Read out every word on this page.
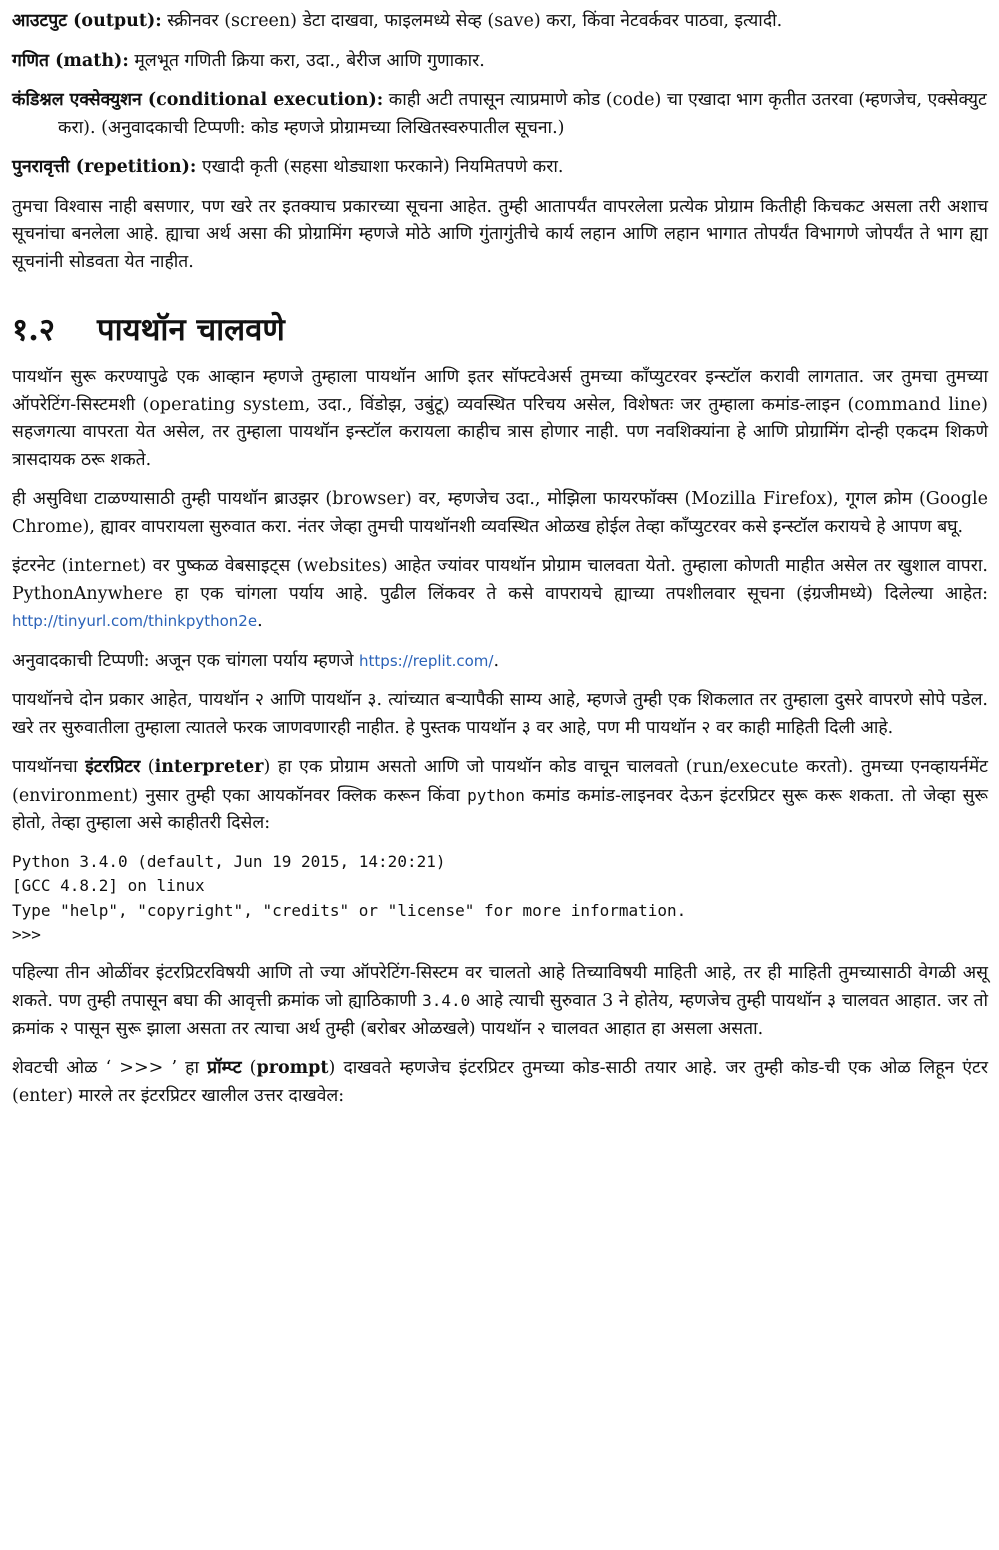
आउटपुट (output): स्क्रीनवर (screen) डेटा दाखवा, फाइलमध्ये सेव्ह (save) करा, किंवा नेटवर्कवर पाठवा, इत्यादी.
गणित (math): मूलभूत गणिती क्रिया करा, उदा., बेरीज आणि गुणाकार.
कंडिश्नल एक्सेक्युशन (conditional execution): काही अटी तपासून त्याप्रमाणे कोड (code) चा एखादा भाग कृतीत उतरवा (म्हणजेच, एक्सेक्युट करा). (अनुवादकाची टिप्पणी: कोड म्हणजे प्रोग्रामच्या लिखितस्वरुपातील सूचना.)
पुनरावृत्ती (repetition): एखादी कृती (सहसा थोड्याशा फरकाने) नियमितपणे करा.

तुमचा विश्वास नाही बसणार, पण खरे तर इतक्याच प्रकारच्या सूचना आहेत. तुम्ही आतापर्यंत वापरलेला प्रत्येक प्रोग्राम कितीही किचकट असला तरी अशाच सूचनांचा बनलेला आहे. ह्याचा अर्थ असा की प्रोग्रामिंग म्हणजे मोठे आणि गुंतागुंतीचे कार्य लहान आणि लहान भागात तोपर्यंत विभागणे जोपर्यंत ते भाग ह्या सूचनांनी सोडवता येत नाहीत.

१.२ पायथॉन चालवणे

पायथॉन सुरू करण्यापुढे एक आव्हान म्हणजे तुम्हाला पायथॉन आणि इतर सॉफ्टवेअर्स तुमच्या कॉंप्युटरवर इन्स्टॉल करावी लागतात. जर तुमचा तुमच्या ऑपरेटिंग-सिस्टमशी (operating system, उदा., विंडोझ, उबुंटू) व्यवस्थित परिचय असेल, विशेषतः जर तुम्हाला कमांड-लाइन (command line) सहजगत्या वापरता येत असेल, तर तुम्हाला पायथॉन इन्स्टॉल करायला काहीच त्रास होणार नाही. पण नवशिक्यांना हे आणि प्रोग्रामिंग दोन्ही एकदम शिकणे त्रासदायक ठरू शकते.

ही असुविधा टाळण्यासाठी तुम्ही पायथॉन ब्राउझर (browser) वर, म्हणजेच उदा., मोझिला फायरफॉक्स (Mozilla Firefox), गूगल क्रोम (Google Chrome), ह्यावर वापरायला सुरुवात करा. नंतर जेव्हा तुमची पायथॉनशी व्यवस्थित ओळख होईल तेव्हा कॉंप्युटरवर कसे इन्स्टॉल करायचे हे आपण बघू.

इंटरनेट (internet) वर पुष्कळ वेबसाइट्स (websites) आहेत ज्यांवर पायथॉन प्रोग्राम चालवता येतो. तुम्हाला कोणती माहीत असेल तर खुशाल वापरा. PythonAnywhere हा एक चांगला पर्याय आहे. पुढील लिंकवर ते कसे वापरायचे ह्याच्या तपशीलवार सूचना (इंग्रजीमध्ये) दिलेल्या आहेत: http://tinyurl.com/thinkpython2e.

अनुवादकाची टिप्पणी: अजून एक चांगला पर्याय म्हणजे https://replit.com/.

पायथॉनचे दोन प्रकार आहेत, पायथॉन २ आणि पायथॉन ३. त्यांच्यात बऱ्यापैकी साम्य आहे, म्हणजे तुम्ही एक शिकलात तर तुम्हाला दुसरे वापरणे सोपे पडेल. खरे तर सुरुवातीला तुम्हाला त्यातले फरक जाणवणारही नाहीत. हे पुस्तक पायथॉन ३ वर आहे, पण मी पायथॉन २ वर काही माहिती दिली आहे.

पायथॉनचा इंटरप्रिटर (interpreter) हा एक प्रोग्राम असतो आणि जो पायथॉन कोड वाचून चालवतो (run/execute करतो). तुमच्या एनव्हायर्नमेंट (environment) नुसार तुम्ही एका आयकॉनवर क्लिक करून किंवा python कमांड कमांड-लाइनवर देऊन इंटरप्रिटर सुरू करू शकता. तो जेव्हा सुरू होतो, तेव्हा तुम्हाला असे काहीतरी दिसेल:

Python 3.4.0 (default, Jun 19 2015, 14:20:21)
[GCC 4.8.2] on linux
Type "help", "copyright", "credits" or "license" for more information.
>>>

पहिल्या तीन ओळींवर इंटरप्रिटरविषयी आणि तो ज्या ऑपरेटिंग-सिस्टम वर चालतो आहे तिच्याविषयी माहिती आहे, तर ही माहिती तुमच्यासाठी वेगळी असू शकते. पण तुम्ही तपासून बघा की आवृत्ती क्रमांक जो ह्याठिकाणी 3.4.0 आहे त्याची सुरुवात 3 ने होतेय, म्हणजेच तुम्ही पायथॉन ३ चालवत आहात. जर तो क्रमांक २ पासून सुरू झाला असता तर त्याचा अर्थ तुम्ही (बरोबर ओळखले) पायथॉन २ चालवत आहात हा असला असता.

शेवटची ओळ ‘ >>> ’ हा प्रॉम्प्ट (prompt) दाखवते म्हणजेच इंटरप्रिटर तुमच्या कोड-साठी तयार आहे. जर तुम्ही कोड-ची एक ओळ लिहून एंटर (enter) मारले तर इंटरप्रिटर खालील उत्तर दाखवेल:
